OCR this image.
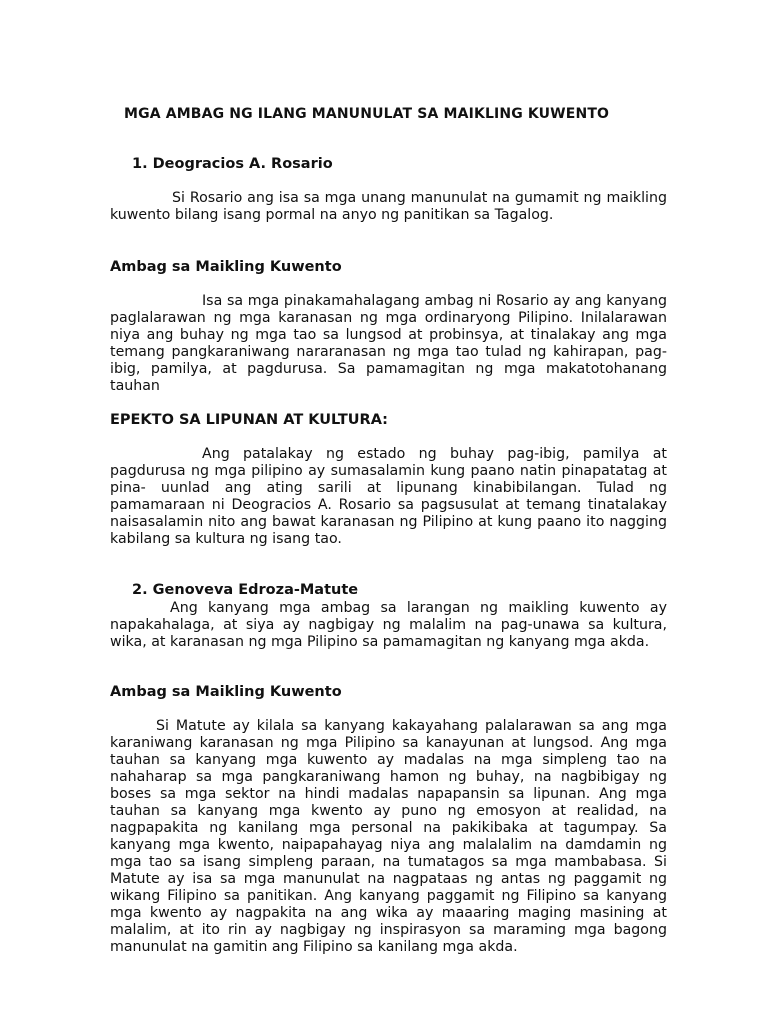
MGA AMBAG NG ILANG MANUNULAT SA MAIKLING KUWENTO
1. Deogracios A. Rosario

Si Rosario ang isa sa mga unang manunulat na gumamit ng maikling kuwento bilang isang pormal na anyo ng panitikan sa Tagalog.

Ambag sa Maikling Kuwento

Isa sa mga pinakamahalagang ambag ni Rosario ay ang kanyang paglalarawan ng mga karanasan ng mga ordinaryong Pilipino. Inilalarawan niya ang buhay ng mga tao sa lungsod at probinsya, at tinalakay ang mga temang pangkaraniwang nararanasan ng mga tao tulad ng kahirapan, pag- ibig, pamilya, at pagdurusa. Sa pamamagitan ng mga makatotohanang tauhan

EPEKTO SA LIPUNAN AT KULTURA:

Ang patalakay ng estado ng buhay pag-ibig, pamilya at pagdurusa ng mga pilipino ay sumasalamin kung paano natin pinapatatag at pina- uunlad ang ating sarili at lipunang kinabibilangan. Tulad ng pamamaraan ni Deogracios A. Rosario sa pagsusulat at temang tinatalakay naisasalamin nito ang bawat karanasan ng Pilipino at kung paano ito nagging kabilang sa kultura ng isang tao.

2. Genoveva Edroza-Matute

Ang kanyang mga ambag sa larangan ng maikling kuwento ay napakahalaga, at siya ay nagbigay ng malalim na pag-unawa sa kultura, wika, at karanasan ng mga Pilipino sa pamamagitan ng kanyang mga akda.

Ambag sa Maikling Kuwento

Si Matute ay kilala sa kanyang kakayahang palalarawan sa ang mga karaniwang karanasan ng mga Pilipino sa kanayunan at lungsod. Ang mga tauhan sa kanyang mga kuwento ay madalas na mga simpleng tao na nahaharap sa mga pangkaraniwang hamon ng buhay, na nagbibigay ng boses sa mga sektor na hindi madalas napapansin sa lipunan. Ang mga tauhan sa kanyang mga kwento ay puno ng emosyon at realidad, na nagpapakita ng kanilang mga personal na pakikibaka at tagumpay. Sa kanyang mga kwento, naipapahayag niya ang malalalim na damdamin ng mga tao sa isang simpleng paraan, na tumatagos sa mga mambabasa. Si Matute ay isa sa mga manunulat na nagpataas ng antas ng paggamit ng wikang Filipino sa panitikan. Ang kanyang paggamit ng Filipino sa kanyang mga kwento ay nagpakita na ang wika ay maaaring maging masining at malalim, at ito rin ay nagbigay ng inspirasyon sa maraming mga bagong manunulat na gamitin ang Filipino sa kanilang mga akda.
